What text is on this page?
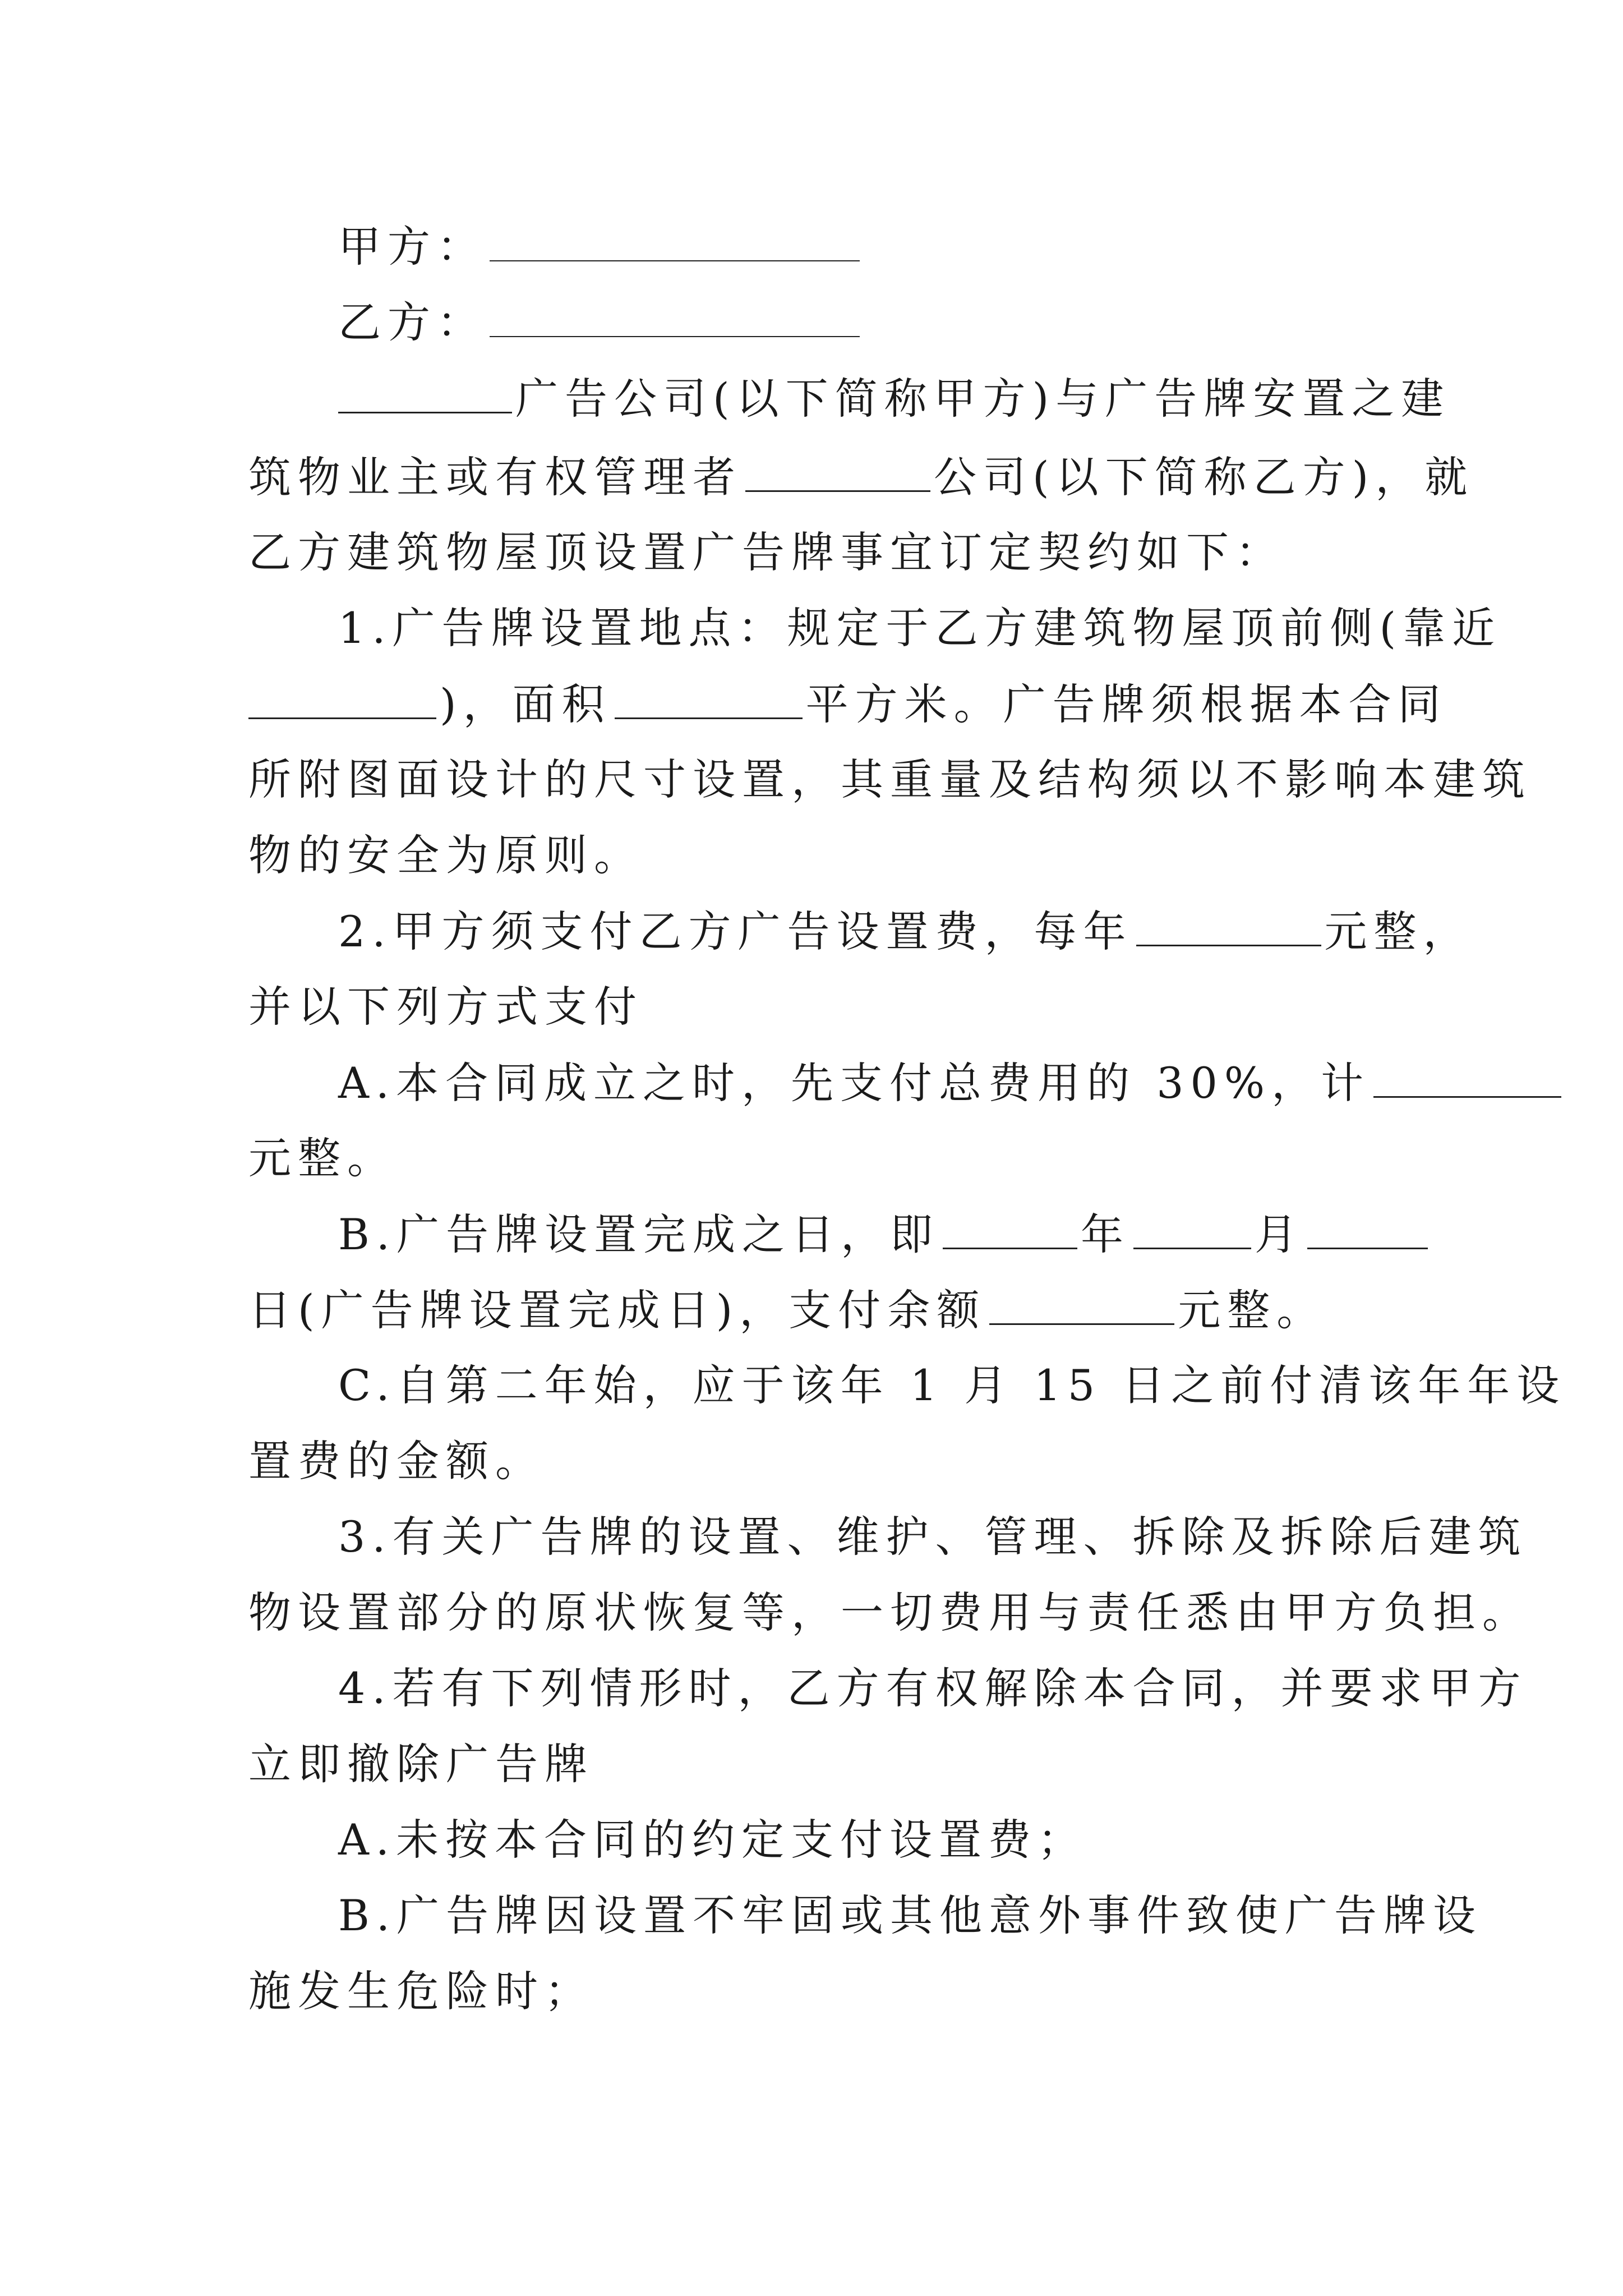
甲方：
乙方：
广告公司(以下简称甲方)与广告牌安置之建
筑物业主或有权管理者	公司(以下简称乙方)，就
乙方建筑物屋顶设置广告牌事宜订定契约如下：
1.广告牌设置地点：规定于乙方建筑物屋顶前侧(靠近
)，面积	平方米。广告牌须根据本合同
所附图面设计的尺寸设置，其重量及结构须以不影响本建筑
物的安全为原则。
2.甲方须支付乙方广告设置费，每年	元整，
并以下列方式支付
A.本合同成立之时，先支付总费用的 30%，计
元整。
B.广告牌设置完成之日，即	年	月
日(广告牌设置完成日)，支付余额	元整。
C.自第二年始，应于该年 1 月 15 日之前付清该年年设
置费的金额。
3.有关广告牌的设置、维护、管理、拆除及拆除后建筑
物设置部分的原状恢复等，一切费用与责任悉由甲方负担。
4.若有下列情形时，乙方有权解除本合同，并要求甲方
立即撤除广告牌
A.未按本合同的约定支付设置费；
B.广告牌因设置不牢固或其他意外事件致使广告牌设
施发生危险时；
